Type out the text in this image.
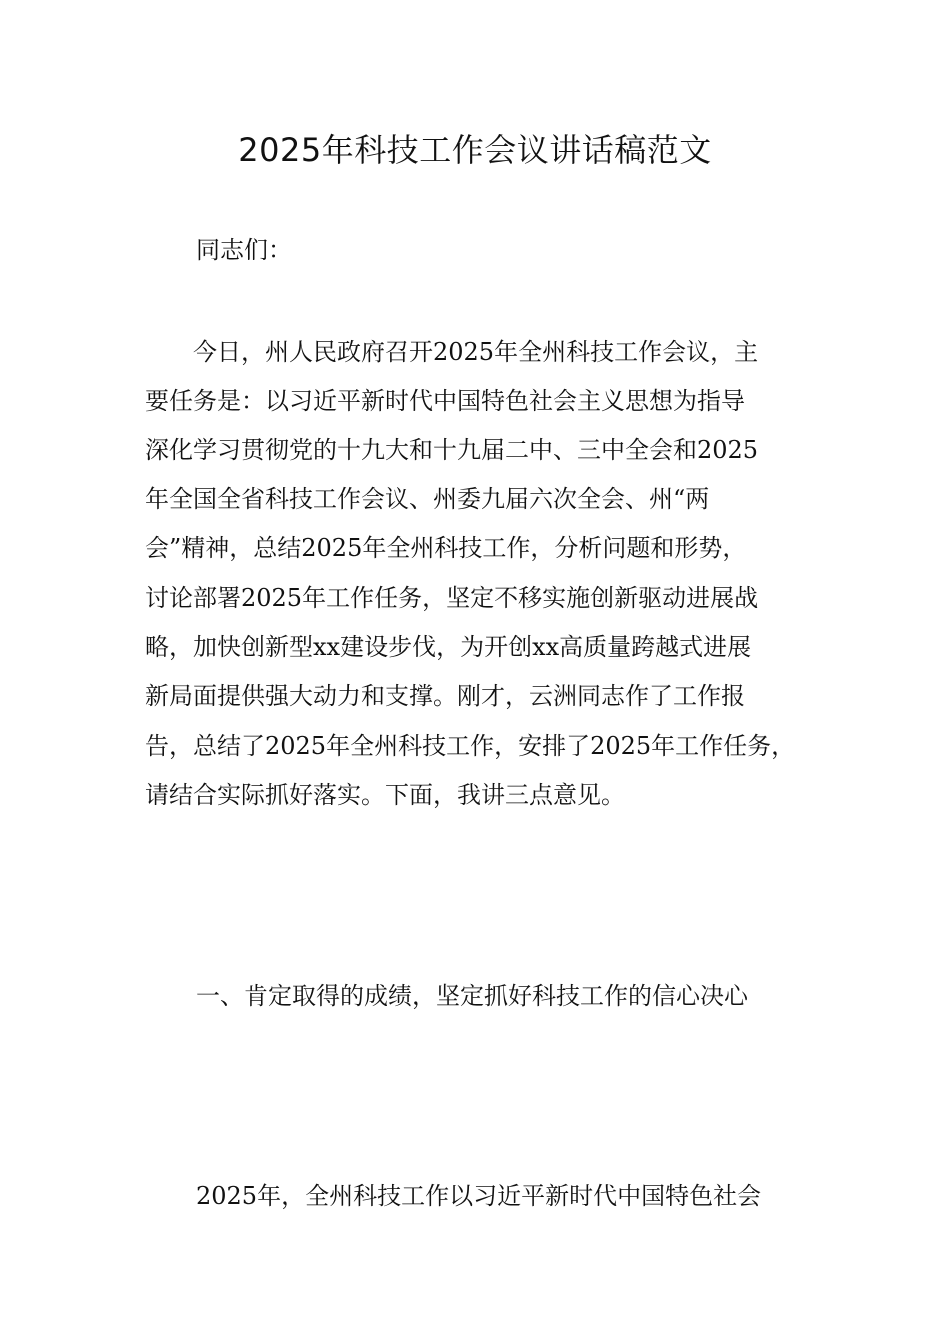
2025年科技工作会议讲话稿范文

同志们：

　　今日，州人民政府召开2025年全州科技工作会议，主

要任务是：以习近平新时代中国特色社会主义思想为指导

深化学习贯彻党的十九大和十九届二中、三中全会和2025

年全国全省科技工作会议、州委九届六次全会、州“两

会”精神，总结2025年全州科技工作，分析问题和形势，

讨论部署2025年工作任务，坚定不移实施创新驱动进展战

略，加快创新型xx建设步伐，为开创xx高质量跨越式进展

新局面提供强大动力和支撑。刚才，云洲同志作了工作报

告，总结了2025年全州科技工作，安排了2025年工作任务，

请结合实际抓好落实。下面，我讲三点意见。

一、肯定取得的成绩，坚定抓好科技工作的信心决心

2025年，全州科技工作以习近平新时代中国特色社会
